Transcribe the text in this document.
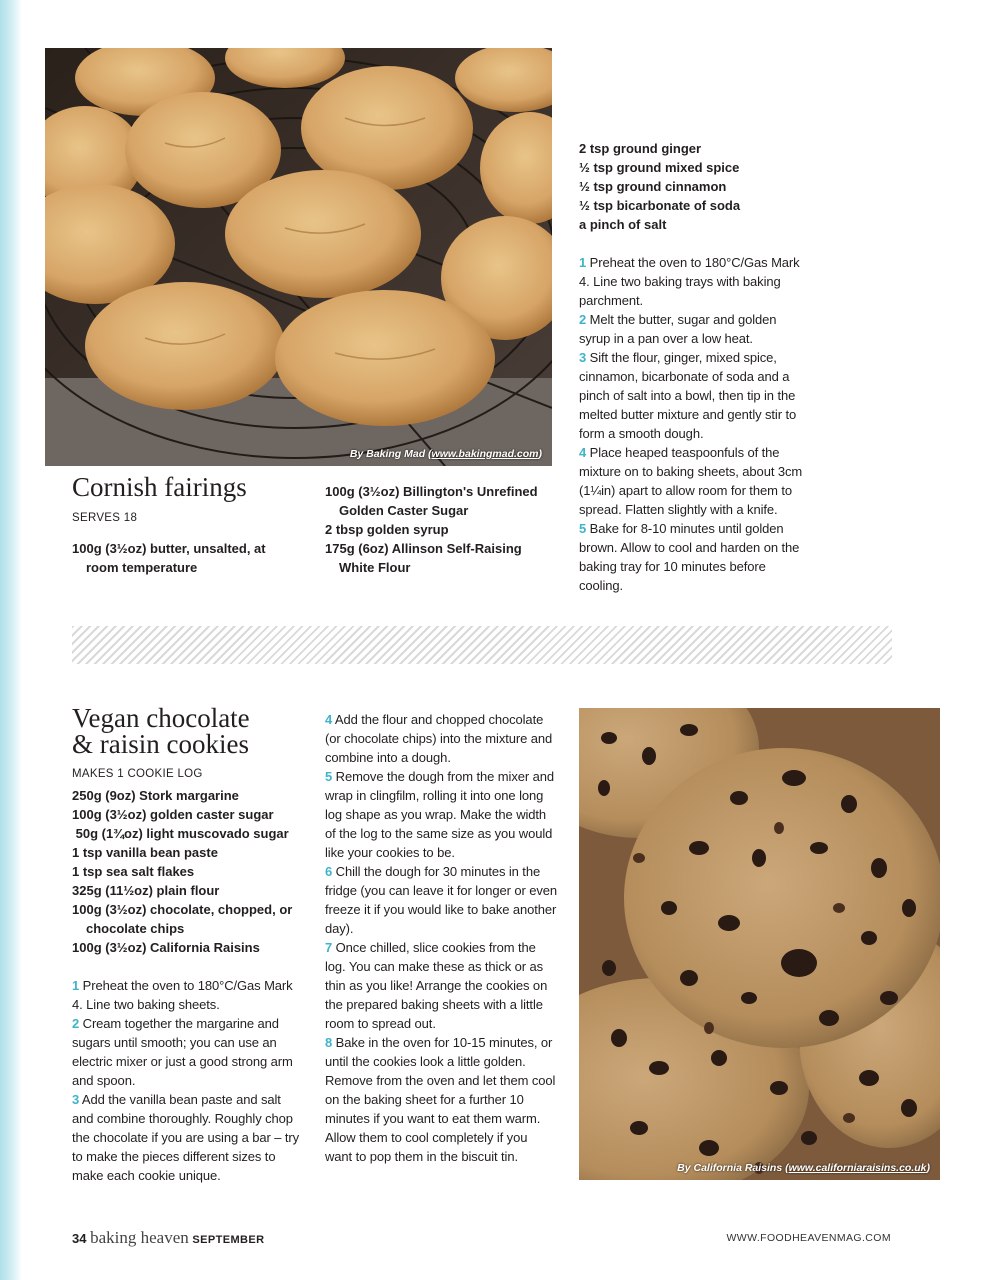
By Baking Mad (www.bakingmad.com)
Cornish fairings
SERVES 18
100g (3½oz) butter, unsalted, at
room temperature
100g (3½oz) Billington's Unrefined
Golden Caster Sugar
2 tbsp golden syrup
175g (6oz) Allinson Self-Raising
White Flour
2 tsp ground ginger
½ tsp ground mixed spice
½ tsp ground cinnamon
½ tsp bicarbonate of soda
a pinch of salt

1 Preheat the oven to 180°C/Gas Mark 4. Line two baking trays with baking parchment.

2 Melt the butter, sugar and golden syrup in a pan over a low heat.

3 Sift the flour, ginger, mixed spice, cinnamon, bicarbonate of soda and a pinch of salt into a bowl, then tip in the melted butter mixture and gently stir to form a smooth dough.

4 Place heaped teaspoonfuls of the mixture on to baking sheets, about 3cm (1¼in) apart to allow room for them to spread. Flatten slightly with a knife.

5 Bake for 8-10 minutes until golden brown. Allow to cool and harden on the baking tray for 10 minutes before cooling.

Vegan chocolate
& raisin cookies
MAKES 1 COOKIE LOG
250g (9oz) Stork margarine
100g (3½oz) golden caster sugar
50g (1¾oz) light muscovado sugar
1 tsp vanilla bean paste
1 tsp sea salt flakes
325g (11½oz) plain flour
100g (3½oz) chocolate, chopped, or
chocolate chips
100g (3½oz) California Raisins

1 Preheat the oven to 180°C/Gas Mark 4. Line two baking sheets.

2 Cream together the margarine and sugars until smooth; you can use an electric mixer or just a good strong arm and spoon.

3 Add the vanilla bean paste and salt and combine thoroughly. Roughly chop the chocolate if you are using a bar – try to make the pieces different sizes to make each cookie unique.

4 Add the flour and chopped chocolate (or chocolate chips) into the mixture and combine into a dough.

5 Remove the dough from the mixer and wrap in clingfilm, rolling it into one long log shape as you wrap. Make the width of the log to the same size as you would like your cookies to be.

6 Chill the dough for 30 minutes in the fridge (you can leave it for longer or even freeze it if you would like to bake another day).

7 Once chilled, slice cookies from the log. You can make these as thick or as thin as you like! Arrange the cookies on the prepared baking sheets with a little room to spread out.

8 Bake in the oven for 10-15 minutes, or until the cookies look a little golden. Remove from the oven and let them cool on the baking sheet for a further 10 minutes if you want to eat them warm. Allow them to cool completely if you want to pop them in the biscuit tin.

By California Raisins (www.californiaraisins.co.uk)
34 baking heaven SEPTEMBER	WWW.FOODHEAVENMAG.COM
